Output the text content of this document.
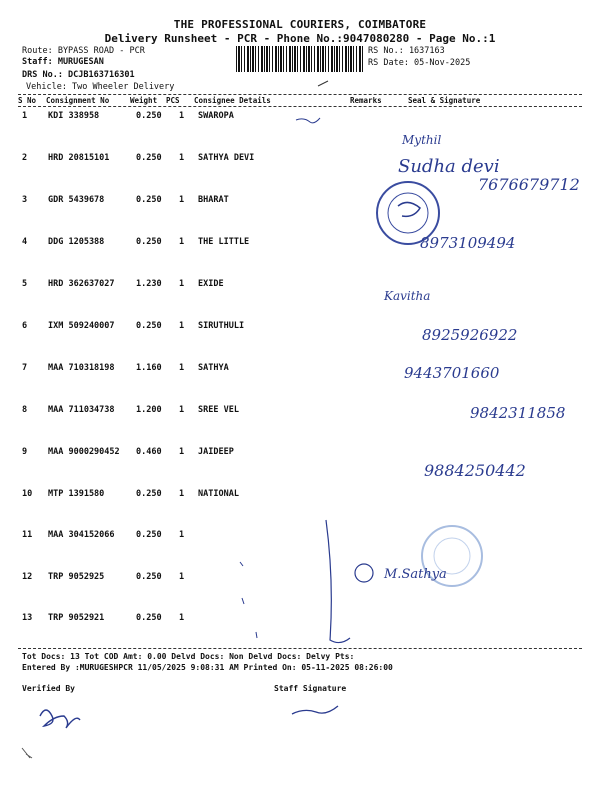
THE PROFESSIONAL COURIERS, COIMBATORE
Delivery Runsheet - PCR - Phone No.:9047080280 - Page No.:1
Route: BYPASS ROAD - PCR
Staff: MURUGESAN
DRS No.: DCJB163716301
Vehicle: Two Wheeler Delivery
RS No.: 1637163
RS Date: 05-Nov-2025
S No Consignment No	Weight PCS Consignee Details	Remarks	Seal & Signature
1 KDI 338958	0.250 1 SWAROPA
2 HRD 20815101	0.250 1 SATHYA DEVI
3 GDR 5439678	0.250 1 BHARAT
4 DDG 1205388	0.250 1 THE LITTLE
5 HRD 362637027	1.230 1 EXIDE
6 IXM 509240007	0.250 1 SIRUTHULI
7 MAA 710318198	1.160 1 SATHYA
8 MAA 711034738	1.200 1 SREE VEL
9 MAA 9000290452 0.460 1 JAIDEEP
10 MTP 1391580	0.250 1 NATIONAL
11 MAA 304152066	0.250 1
12 TRP 9052925	0.250 1
13 TRP 9052921	0.250 1
Tot Docs: 13 Tot COD Amt: 0.00 Delvd Docs: Non Delvd Docs: Delvy Pts:
Entered By :MURUGESHPCR 11/05/2025 9:08:31 AM Printed On: 05-11-2025 08:26:00
Verified By	Staff Signature
Mythil
Sudha devi
7676679712
8973109494
Kavitha
8925926922
9443701660
9842311858
9884250442
M.Sathya
